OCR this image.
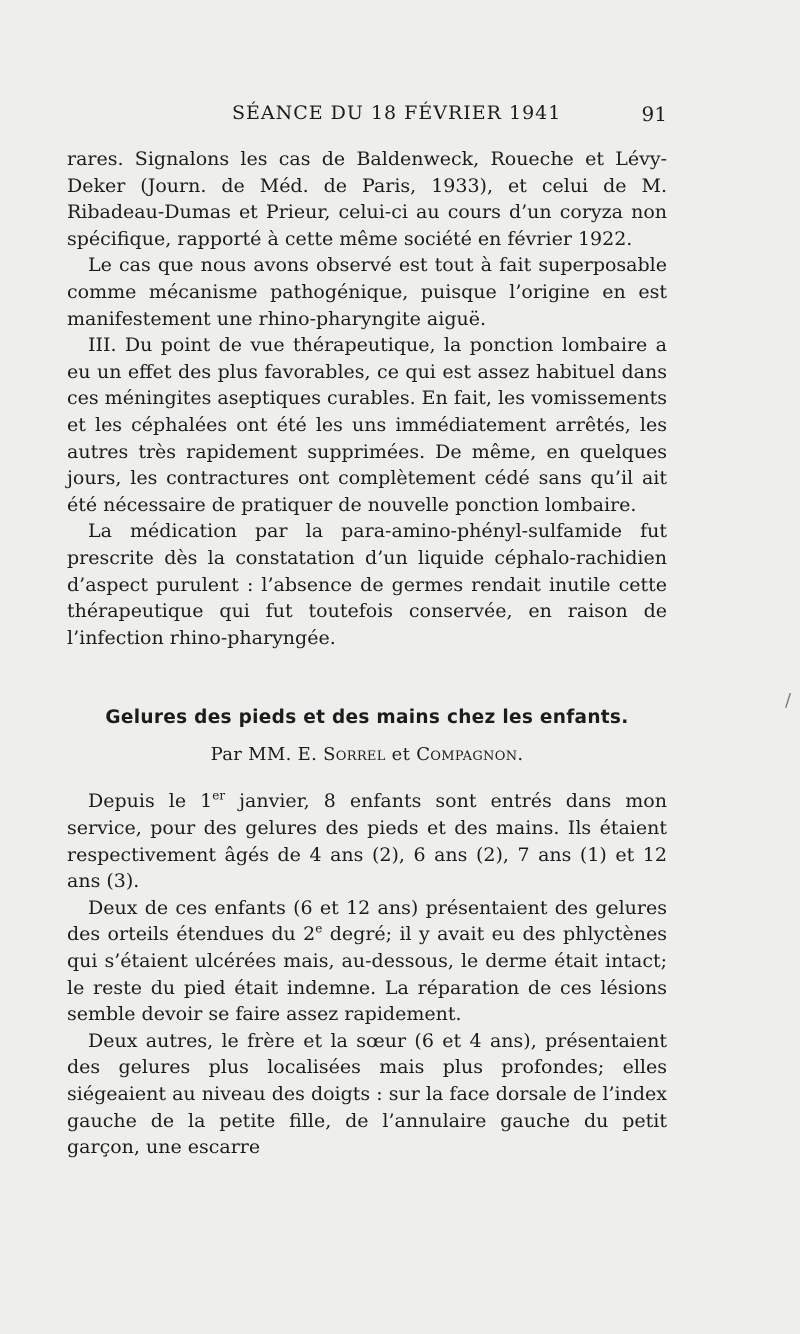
SÉANCE DU 18 FÉVRIER 1941	91

rares. Signalons les cas de Baldenweck, Roueche et Lévy-Deker (Journ. de Méd. de Paris, 1933), et celui de M. Ribadeau-Dumas et Prieur, celui-ci au cours d’un coryza non spécifique, rapporté à cette même société en février 1922.

Le cas que nous avons observé est tout à fait superposable comme mécanisme pathogénique, puisque l’origine en est manifestement une rhino-pharyngite aiguë.

III. Du point de vue thérapeutique, la ponction lombaire a eu un effet des plus favorables, ce qui est assez habituel dans ces méningites aseptiques curables. En fait, les vomissements et les céphalées ont été les uns immédiatement arrêtés, les autres très rapidement supprimées. De même, en quelques jours, les contractures ont complètement cédé sans qu’il ait été nécessaire de pratiquer de nouvelle ponction lombaire.

La médication par la para-amino-phényl-sulfamide fut prescrite dès la constatation d’un liquide céphalo-rachidien d’aspect purulent : l’absence de germes rendait inutile cette thérapeutique qui fut toutefois conservée, en raison de l’infection rhino-pharyngée.

Gelures des pieds et des mains chez les enfants.

Par MM. E. Sorrel et Compagnon.

Depuis le 1er janvier, 8 enfants sont entrés dans mon service, pour des gelures des pieds et des mains. Ils étaient respectivement âgés de 4 ans (2), 6 ans (2), 7 ans (1) et 12 ans (3).

Deux de ces enfants (6 et 12 ans) présentaient des gelures des orteils étendues du 2e degré; il y avait eu des phlyctènes qui s’étaient ulcérées mais, au-dessous, le derme était intact; le reste du pied était indemne. La réparation de ces lésions semble devoir se faire assez rapidement.

Deux autres, le frère et la sœur (6 et 4 ans), présentaient des gelures plus localisées mais plus profondes; elles siégeaient au niveau des doigts : sur la face dorsale de l’index gauche de la petite fille, de l’annulaire gauche du petit garçon, une escarre

/
